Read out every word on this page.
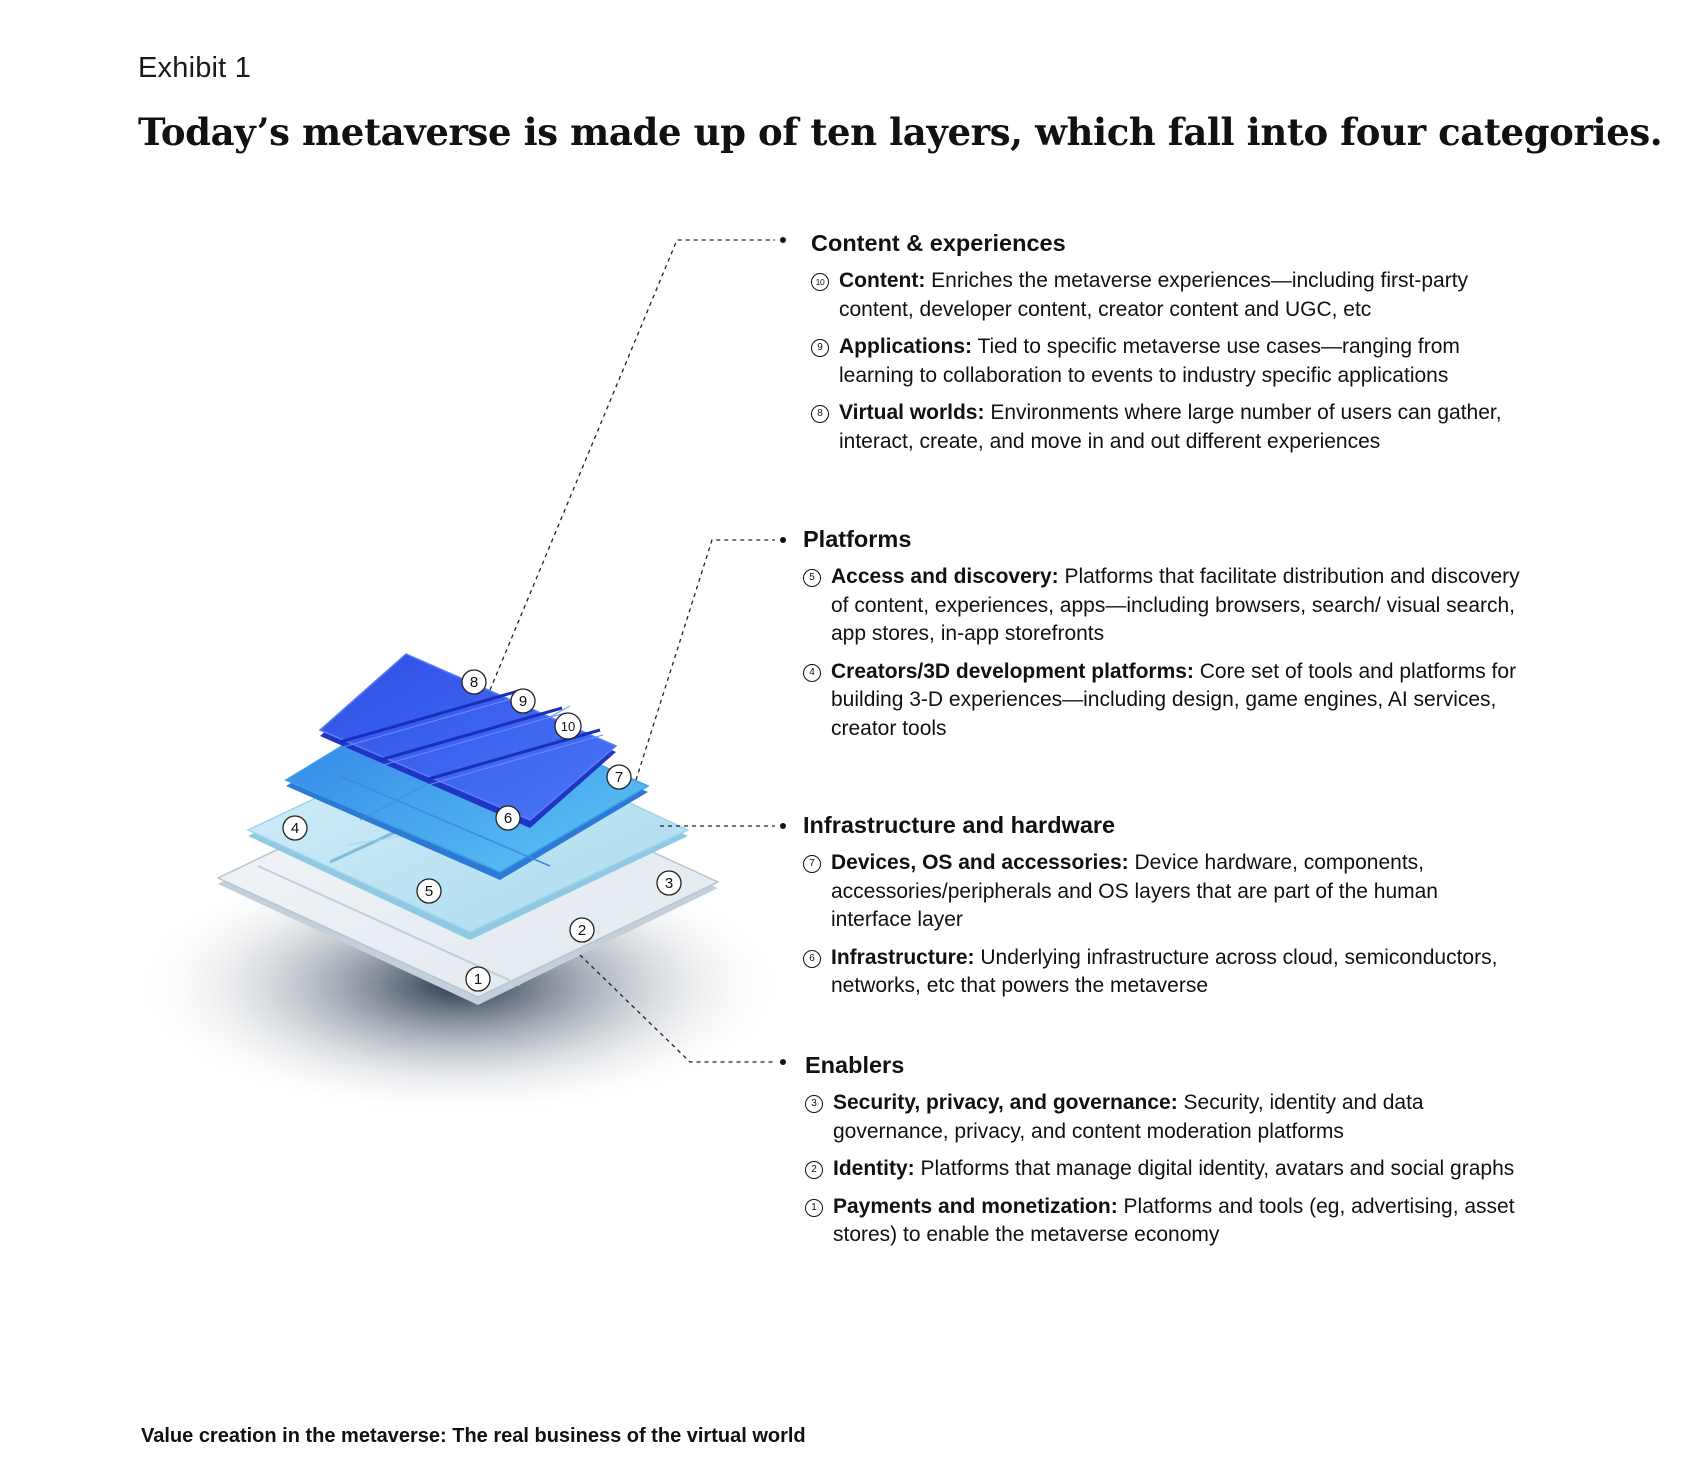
Exhibit 1
Today’s metaverse is made up of ten layers, which fall into four categories.
1
2
3
4
5
6
7
8
9
10
Content & experiences
10 Content: Enriches the metaverse experiences—including first-party content, developer content, creator content and UGC, etc
9 Applications: Tied to specific metaverse use cases—ranging from learning to collaboration to events to industry specific applications
8 Virtual worlds: Environments where large number of users can gather, interact, create, and move in and out different experiences
Platforms
5 Access and discovery: Platforms that facilitate distribution and discovery of content, experiences, apps—including browsers, search/ visual search, app stores, in-app storefronts
4 Creators/3D development platforms: Core set of tools and platforms for building 3-D experiences—including design, game engines, AI services, creator tools
Infrastructure and hardware
7 Devices, OS and accessories: Device hardware, components, accessories/peripherals and OS layers that are part of the human interface layer
6 Infrastructure: Underlying infrastructure across cloud, semiconductors, networks, etc that powers the metaverse
Enablers
3 Security, privacy, and governance: Security, identity and data governance, privacy, and content moderation platforms
2 Identity: Platforms that manage digital identity, avatars and social graphs
1 Payments and monetization: Platforms and tools (eg, advertising, asset stores) to enable the metaverse economy
Value creation in the metaverse: The real business of the virtual world
